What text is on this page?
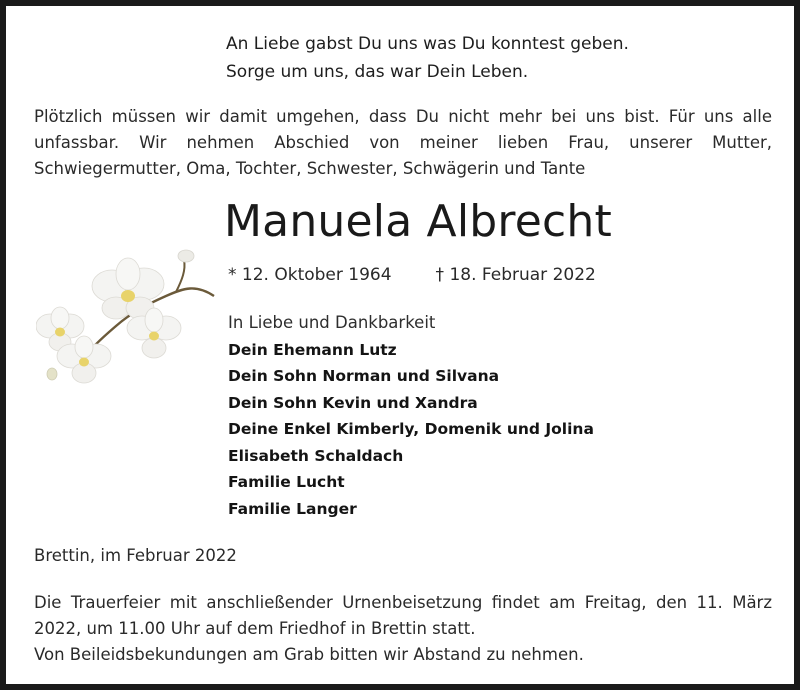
An Liebe gabst Du uns was Du konntest geben.
Sorge um uns, das war Dein Leben.
Plötzlich müssen wir damit umgehen, dass Du nicht mehr bei uns bist. Für uns alle unfassbar. Wir nehmen Abschied von meiner lieben Frau, unserer Mutter, Schwiegermutter, Oma, Tochter, Schwester, Schwägerin und Tante
Manuela Albrecht
* 12. Oktober 1964	† 18. Februar 2022
In Liebe und Dankbarkeit
Dein Ehemann Lutz
Dein Sohn Norman und Silvana
Dein Sohn Kevin und Xandra
Deine Enkel Kimberly, Domenik und Jolina
Elisabeth Schaldach
Familie Lucht
Familie Langer
Brettin, im Februar 2022
Die Trauerfeier mit anschließender Urnenbeisetzung findet am Freitag, den 11. März 2022, um 11.00 Uhr auf dem Friedhof in Brettin statt.
Von Beileidsbekundungen am Grab bitten wir Abstand zu nehmen.
